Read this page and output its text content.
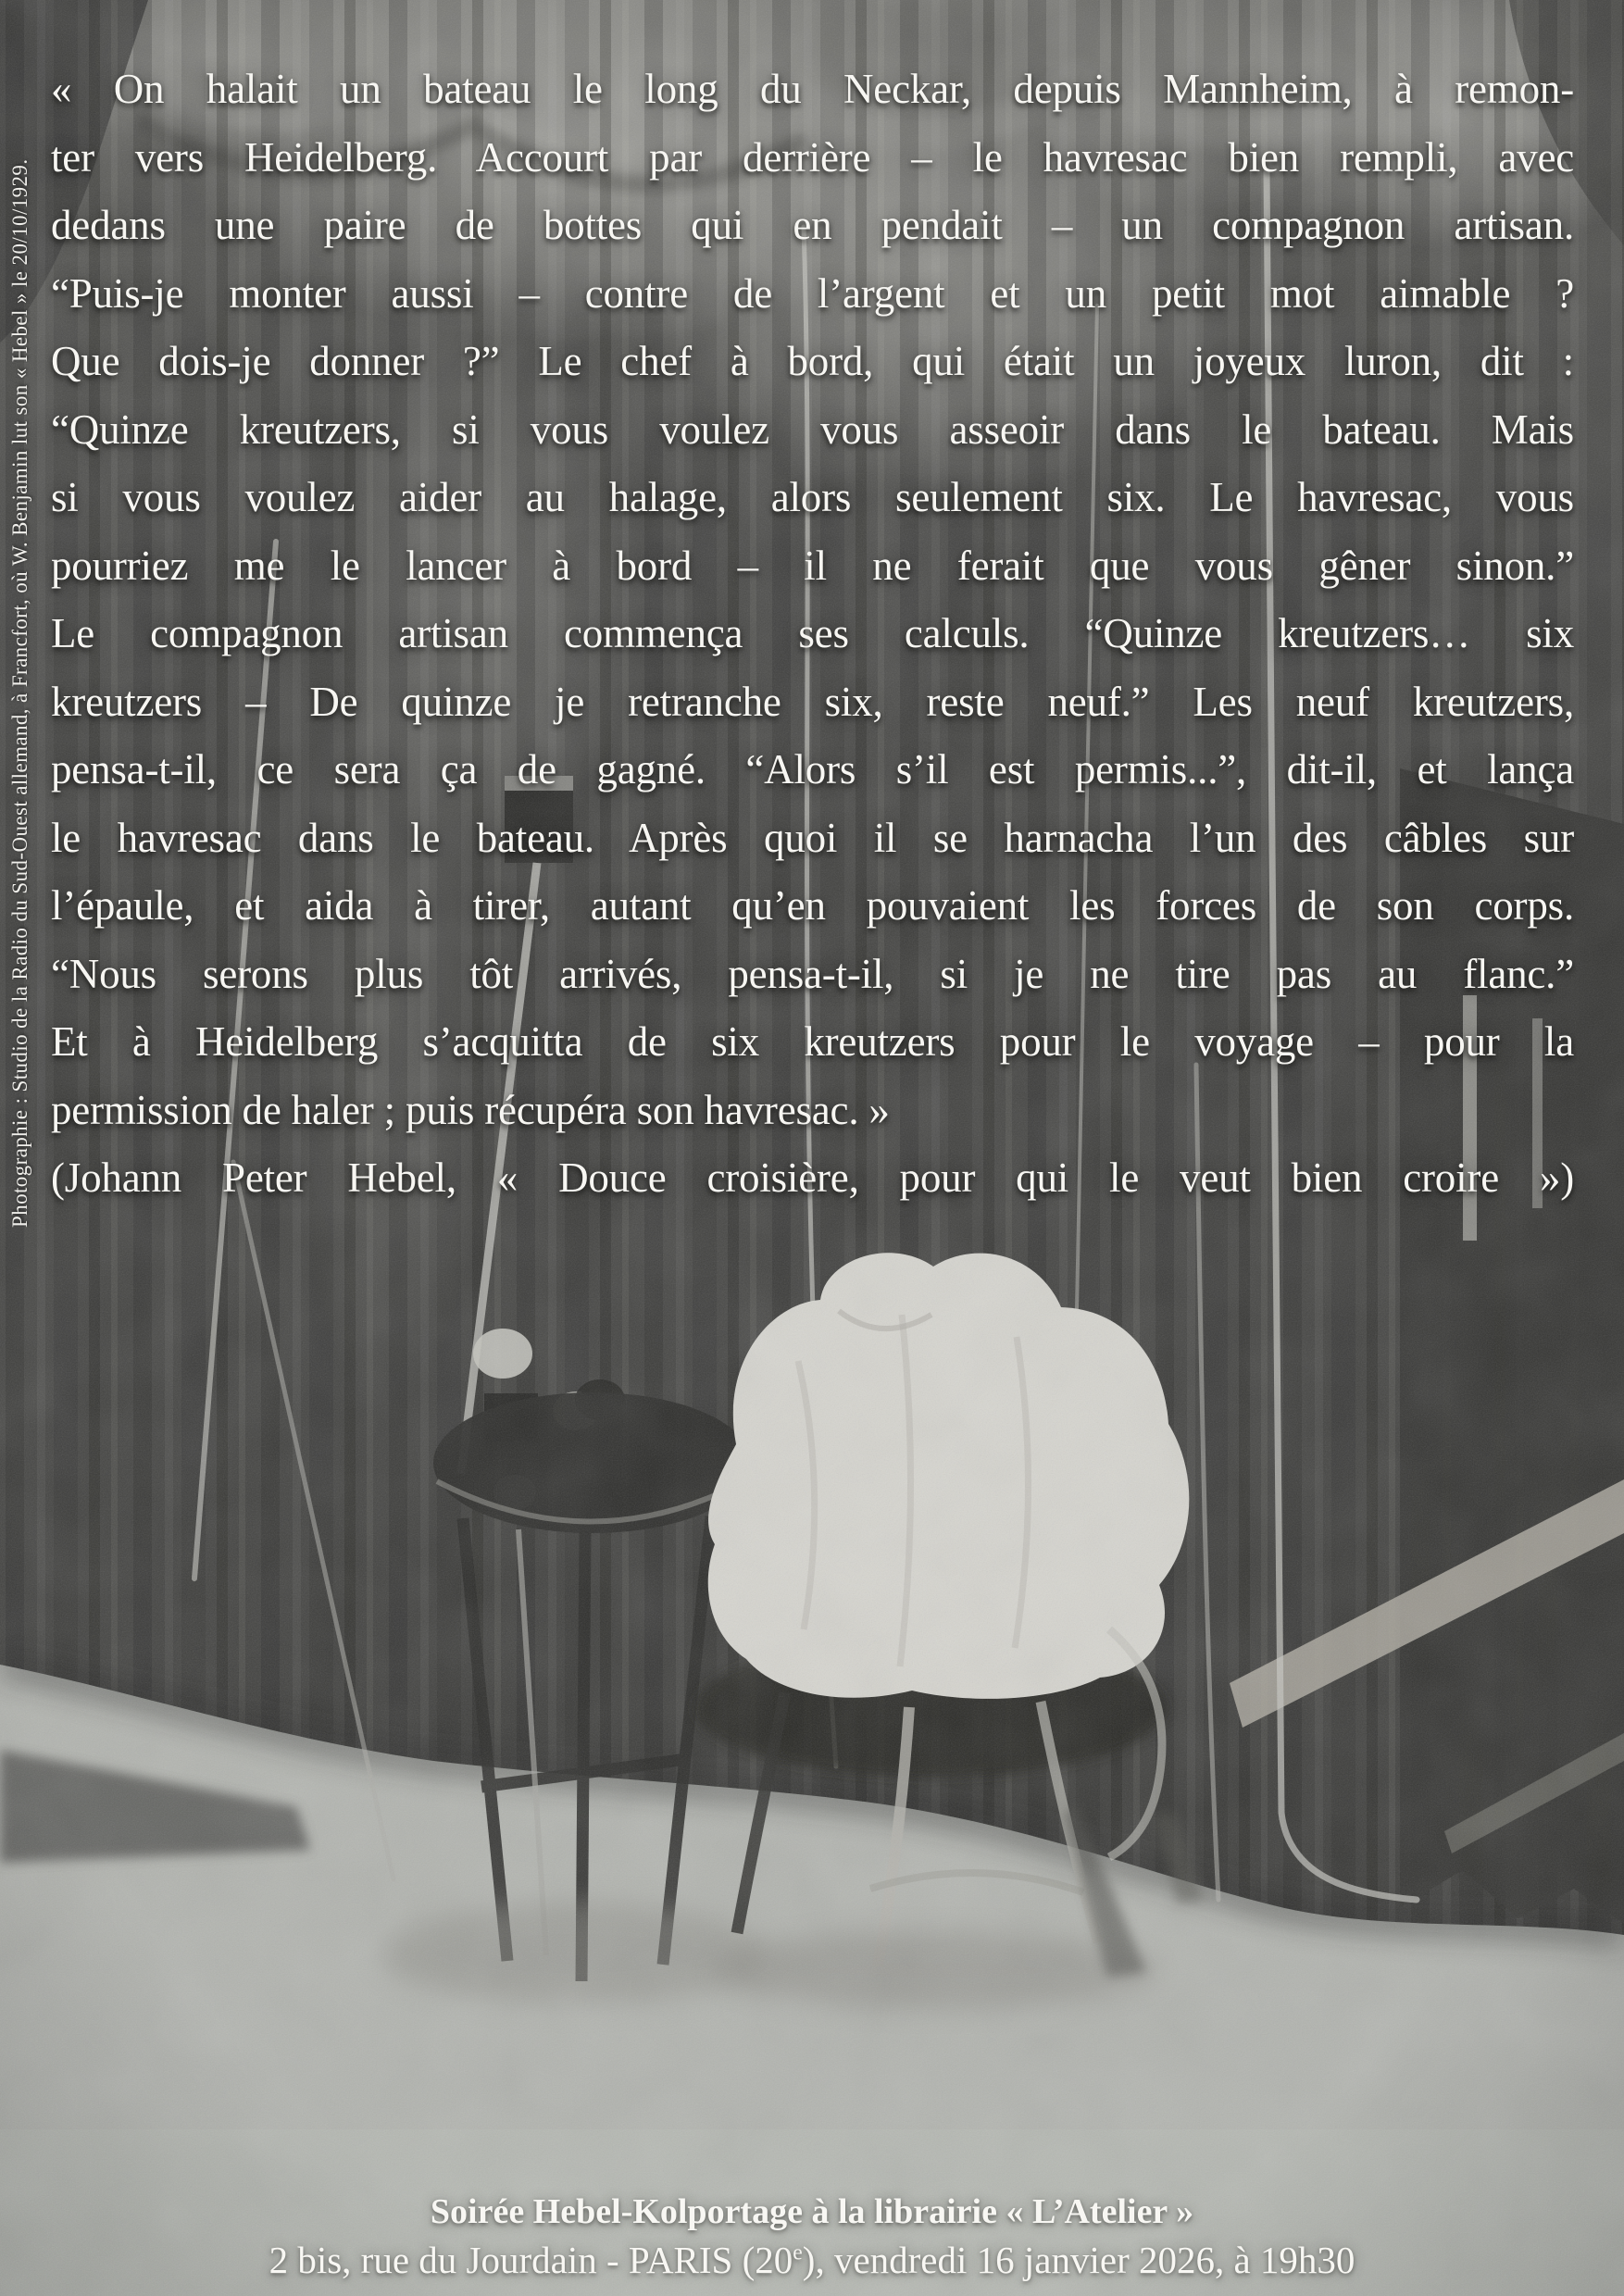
Photographie : Studio de la Radio du Sud-Ouest allemand, à Francfort, où W. Benjamin lut son « Hebel » le 20/10/1929.
« On halait un bateau le long du Neckar, depuis Mannheim, à remon-
ter vers Heidelberg. Accourt par derrière – le havresac bien rempli, avec
dedans une paire de bottes qui en pendait – un compagnon artisan.
“Puis-je monter aussi – contre de l’argent et un petit mot aimable ?
Que dois-je donner ?” Le chef à bord, qui était un joyeux luron, dit :
“Quinze kreutzers, si vous voulez vous asseoir dans le bateau. Mais
si vous voulez aider au halage, alors seulement six. Le havresac, vous
pourriez me le lancer à bord – il ne ferait que vous gêner sinon.”
Le compagnon artisan commença ses calculs. “Quinze kreutzers… six
kreutzers – De quinze je retranche six, reste neuf.” Les neuf kreutzers,
pensa-t-il, ce sera ça de gagné. “Alors s’il est permis...”, dit-il, et lança
le havresac dans le bateau. Après quoi il se harnacha l’un des câbles sur
l’épaule, et aida à tirer, autant qu’en pouvaient les forces de son corps.
“Nous serons plus tôt arrivés, pensa-t-il, si je ne tire pas au flanc.”
Et à Heidelberg s’acquitta de six kreutzers pour le voyage – pour la
permission de haler ; puis récupéra son havresac. »
(Johann Peter Hebel, « Douce croisière, pour qui le veut bien croire »)
Soirée Hebel-Kolportage à la librairie « L’Atelier »
2 bis, rue du Jourdain - PARIS (20e), vendredi 16 janvier 2026, à 19h30
